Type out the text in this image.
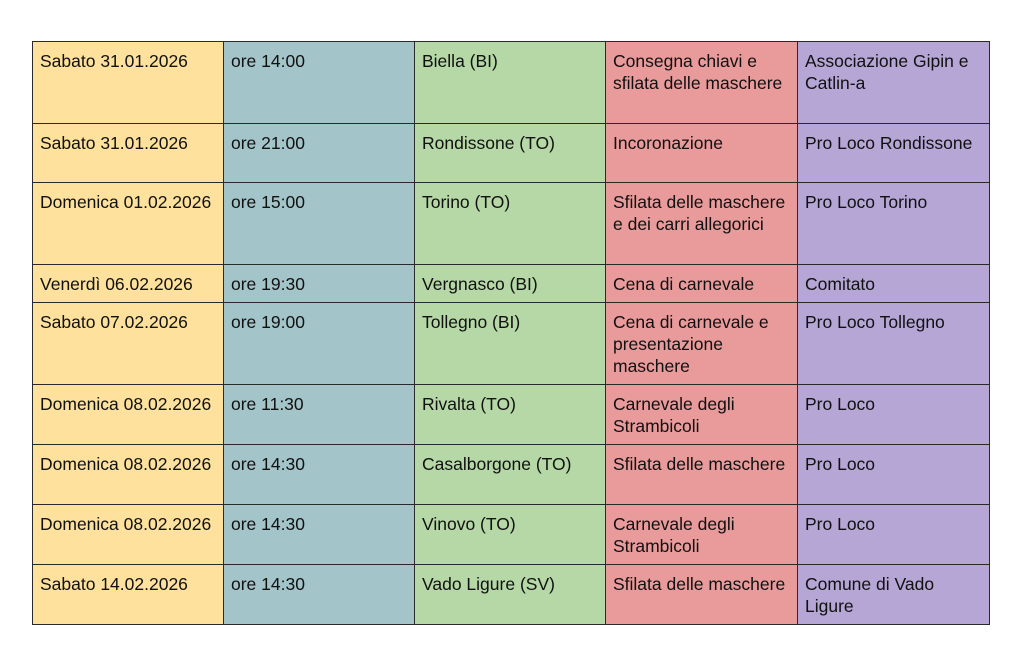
Sabato 31.01.2026	ore 14:00	Biella (BI)	Consegna chiavi e sfilata delle maschere	Associazione Gipin e Catlin-a
Sabato 31.01.2026	ore 21:00	Rondissone (TO)	Incoronazione	Pro Loco Rondissone
Domenica 01.02.2026	ore 15:00	Torino (TO)	Sfilata delle maschere e dei carri allegorici	Pro Loco Torino
Venerdì 06.02.2026	ore 19:30	Vergnasco (BI)	Cena di carnevale	Comitato
Sabato 07.02.2026	ore 19:00	Tollegno (BI)	Cena di carnevale e presentazione maschere	Pro Loco Tollegno
Domenica 08.02.2026	ore 11:30	Rivalta (TO)	Carnevale degli Strambicoli	Pro Loco
Domenica 08.02.2026	ore 14:30	Casalborgone (TO)	Sfilata delle maschere	Pro Loco
Domenica 08.02.2026	ore 14:30	Vinovo (TO)	Carnevale degli Strambicoli	Pro Loco
Sabato 14.02.2026	ore 14:30	Vado Ligure (SV)	Sfilata delle maschere	Comune di Vado Ligure
